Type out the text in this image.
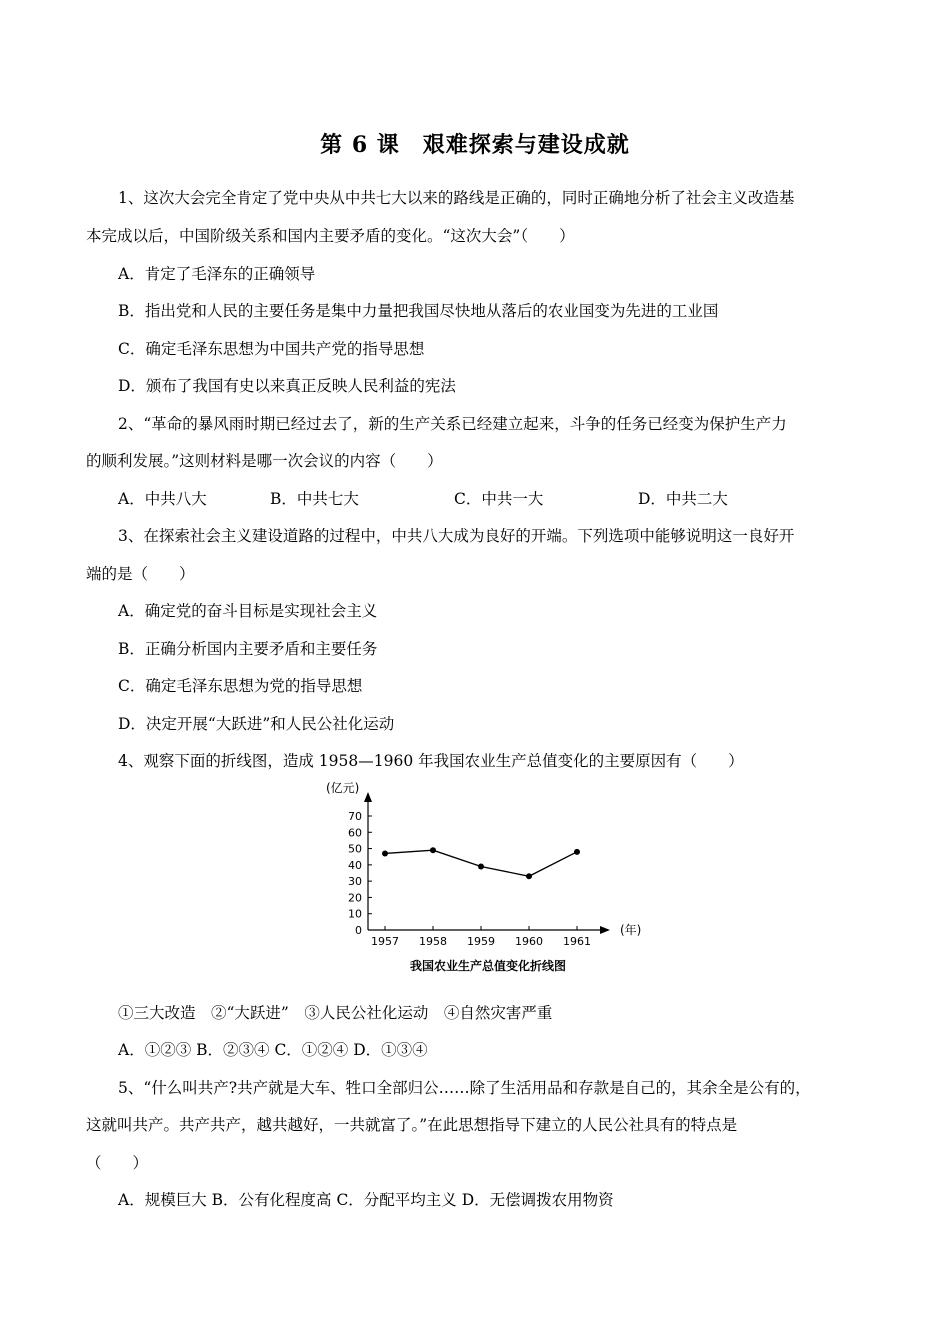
第 6 课　艰难探索与建设成就
1、这次大会完全肯定了党中央从中共七大以来的路线是正确的，同时正确地分析了社会主义改造基
本完成以后，中国阶级关系和国内主要矛盾的变化。“这次大会”（　　）
A．肯定了毛泽东的正确领导
B．指出党和人民的主要任务是集中力量把我国尽快地从落后的农业国变为先进的工业国
C．确定毛泽东思想为中国共产党的指导思想
D．颁布了我国有史以来真正反映人民利益的宪法
2、“革命的暴风雨时期已经过去了，新的生产关系已经建立起来，斗争的任务已经变为保护生产力
的顺利发展。”这则材料是哪一次会议的内容（　　）
A．中共八大	B．中共七大	C．中共一大	D．中共二大
3、在探索社会主义建设道路的过程中，中共八大成为良好的开端。下列选项中能够说明这一良好开
端的是（　　）
A．确定党的奋斗目标是实现社会主义
B．正确分析国内主要矛盾和主要任务
C．确定毛泽东思想为党的指导思想
D．决定开展“大跃进”和人民公社化运动
4、观察下面的折线图，造成 1958—1960 年我国农业生产总值变化的主要原因有（　　）
0
10
20
30
40
50
60
70
1957 1958 1959 1960 1961
(亿元)
(年)
我国农业生产总值变化折线图
①三大改造　②“大跃进”　③人民公社化运动　④自然灾害严重
A．①②③ B．②③④ C．①②④ D．①③④
5、“什么叫共产?共产就是大车、牲口全部归公……除了生活用品和存款是自己的，其余全是公有的，
这就叫共产。共产共产，越共越好，一共就富了。”在此思想指导下建立的人民公社具有的特点是
（　　）
A．规模巨大 B．公有化程度高 C．分配平均主义 D．无偿调拨农用物资
